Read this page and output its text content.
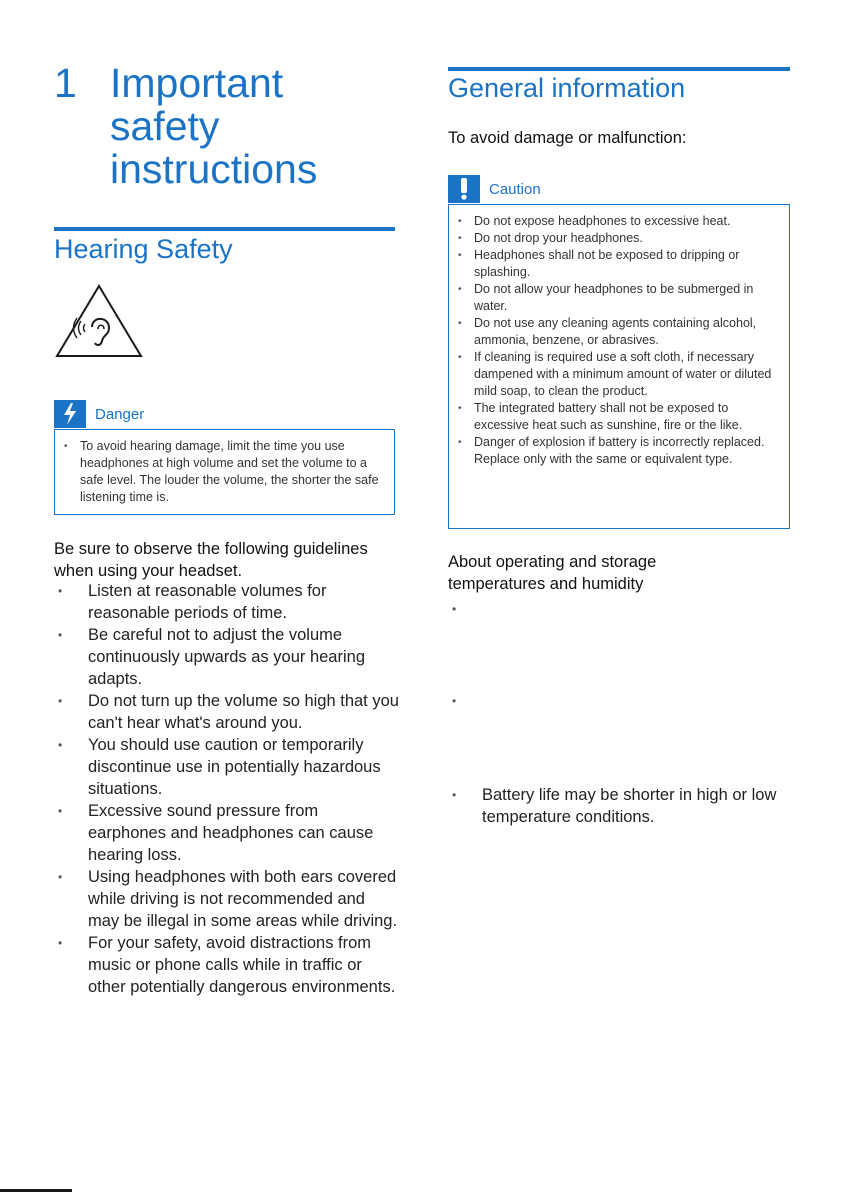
1 Important safety instructions
Hearing Safety
Danger
• To avoid hearing damage, limit the time you use headphones at high volume and set the volume to a safe level. The louder the volume, the shorter the safe listening time is.
Be sure to observe the following guidelines when using your headset.
• Listen at reasonable volumes for reasonable periods of time.
• Be careful not to adjust the volume continuously upwards as your hearing adapts.
• Do not turn up the volume so high that you can't hear what's around you.
• You should use caution or temporarily discontinue use in potentially hazardous situations.
• Excessive sound pressure from earphones and headphones can cause hearing loss.
• Using headphones with both ears covered while driving is not recommended and may be illegal in some areas while driving.
• For your safety, avoid distractions from music or phone calls while in traffic or other potentially dangerous environments.
General information
To avoid damage or malfunction:
Caution
• Do not expose headphones to excessive heat.
• Do not drop your headphones.
• Headphones shall not be exposed to dripping or splashing.
• Do not allow your headphones to be submerged in water.
• Do not use any cleaning agents containing alcohol, ammonia, benzene, or abrasives.
• If cleaning is required use a soft cloth, if necessary dampened with a minimum amount of water or diluted mild soap, to clean the product.
• The integrated battery shall not be exposed to excessive heat such as sunshine, fire or the like.
• Danger of explosion if battery is incorrectly replaced. Replace only with the same or equivalent type.
About operating and storage temperatures and humidity
•
•
• Battery life may be shorter in high or low temperature conditions.
